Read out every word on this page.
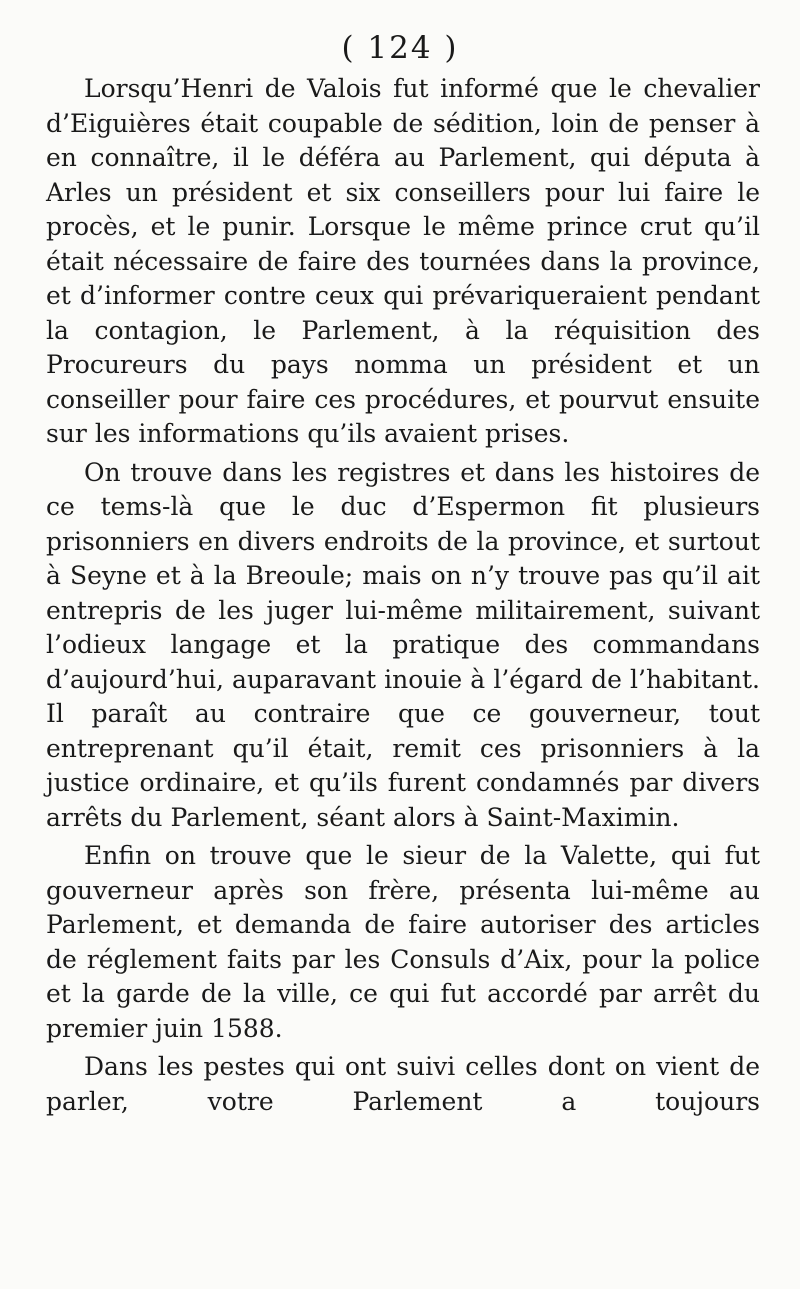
( 124 )

Lorsqu’Henri de Valois fut informé que le chevalier d’Eiguières était coupable de sédition, loin de penser à en connaître, il le déféra au Parlement, qui députa à Arles un président et six conseillers pour lui faire le procès, et le punir. Lorsque le même prince crut qu’il était nécessaire de faire des tournées dans la province, et d’informer contre ceux qui prévariqueraient pendant la contagion, le Parlement, à la réquisition des Procureurs du pays nomma un président et un conseiller pour faire ces procédures, et pourvut ensuite sur les informations qu’ils avaient prises.

On trouve dans les registres et dans les histoires de ce tems-là que le duc d’Espermon fit plusieurs prisonniers en divers endroits de la province, et surtout à Seyne et à la Breoule; mais on n’y trouve pas qu’il ait entrepris de les juger lui-même militairement, suivant l’odieux langage et la pratique des commandans d’aujourd’hui, auparavant inouie à l’égard de l’habitant. Il paraît au contraire que ce gouverneur, tout entreprenant qu’il était, remit ces prisonniers à la justice ordinaire, et qu’ils furent condamnés par divers arrêts du Parlement, séant alors à Saint-Maximin.

Enfin on trouve que le sieur de la Valette, qui fut gouverneur après son frère, présenta lui-même au Parlement, et demanda de faire autoriser des articles de réglement faits par les Consuls d’Aix, pour la police et la garde de la ville, ce qui fut accordé par arrêt du premier juin 1588.

Dans les pestes qui ont suivi celles dont on vient de parler, votre Parlement a toujours
